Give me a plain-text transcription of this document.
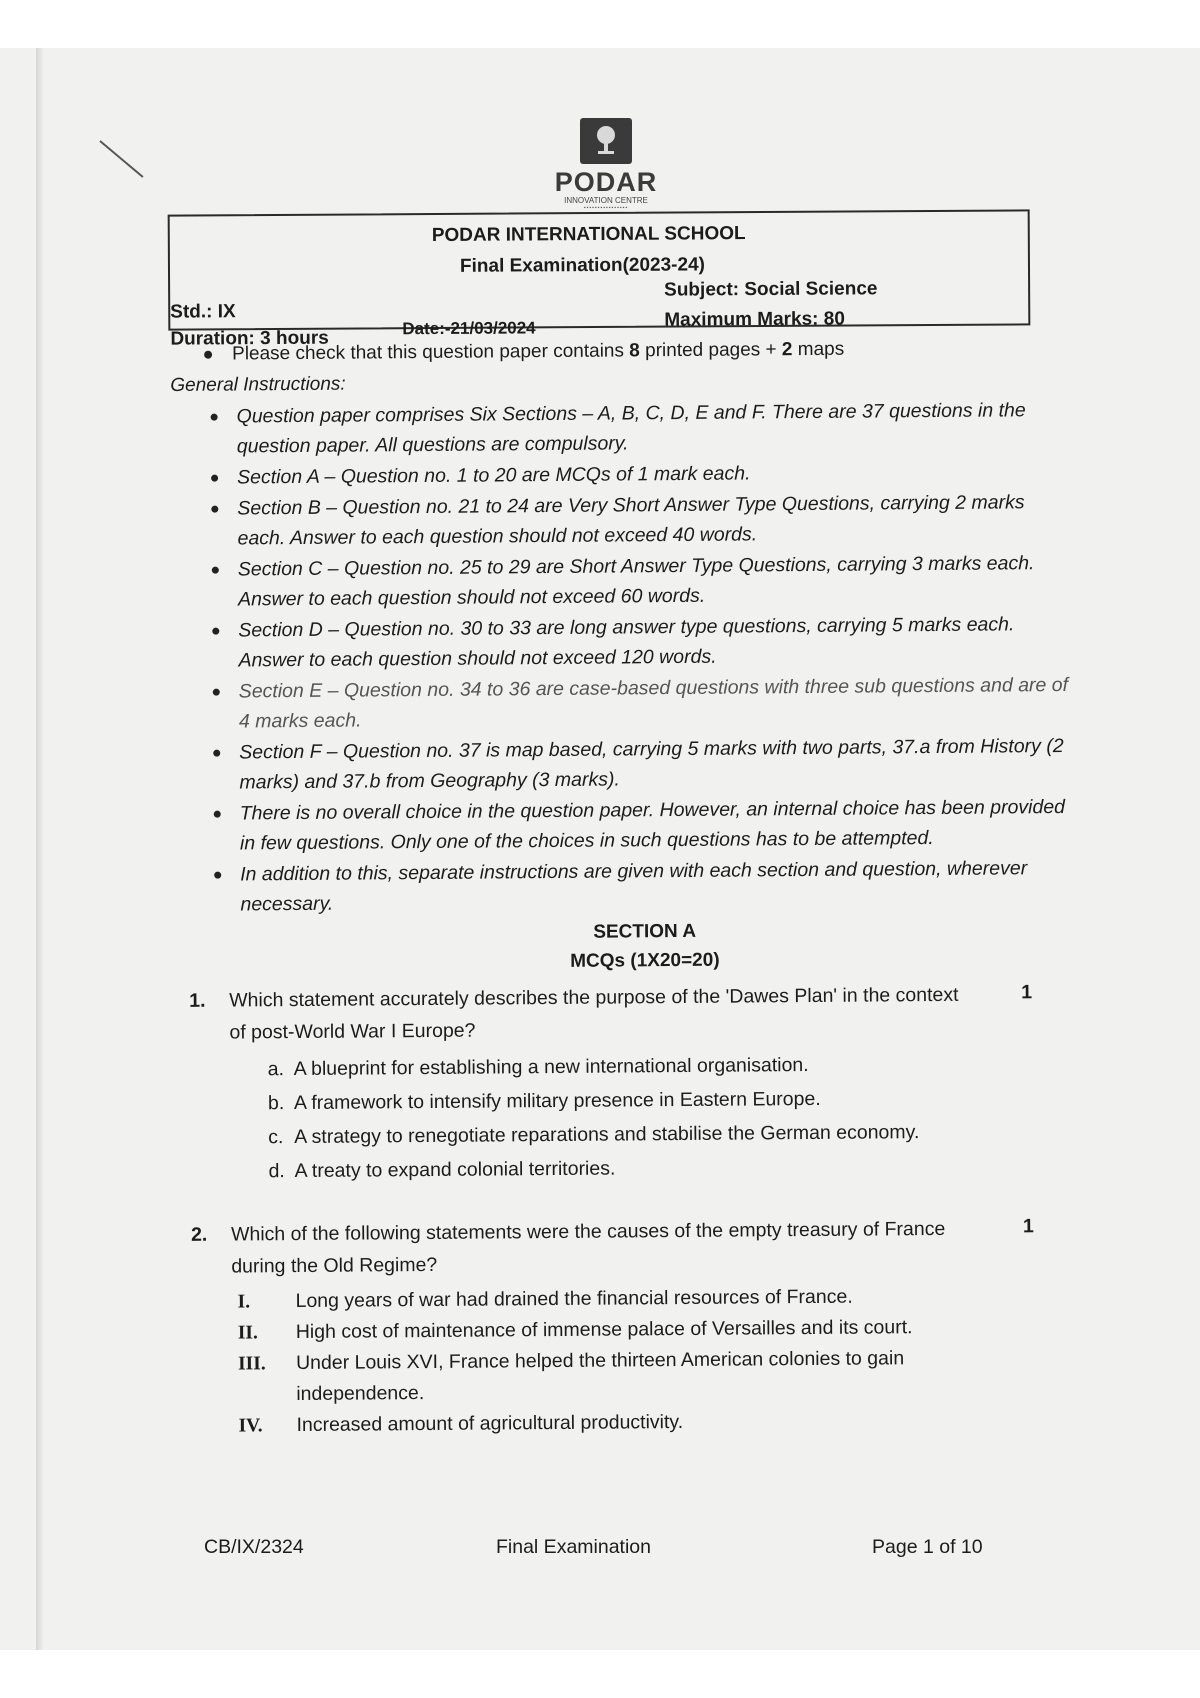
PODAR
INNOVATION CENTRE
▪▪▪▪▪▪▪▪▪▪▪▪▪▪▪▪
PODAR INTERNATIONAL SCHOOL
Final Examination(2023-24)
Subject: Social Science
Std.: IX	Maximum Marks: 80
Date:-21/03/2024
Duration: 3 hours
Please check that this question paper contains 8 printed pages + 2 maps
General Instructions:
Question paper comprises Six Sections – A, B, C, D, E and F. There are 37 questions in the question paper. All questions are compulsory.
Section A – Question no. 1 to 20 are MCQs of 1 mark each.
Section B – Question no. 21 to 24 are Very Short Answer Type Questions, carrying 2 marks each. Answer to each question should not exceed 40 words.
Section C – Question no. 25 to 29 are Short Answer Type Questions, carrying 3 marks each. Answer to each question should not exceed 60 words.
Section D – Question no. 30 to 33 are long answer type questions, carrying 5 marks each. Answer to each question should not exceed 120 words.
Section E – Question no. 34 to 36 are case-based questions with three sub questions and are of 4 marks each.
Section F – Question no. 37 is map based, carrying 5 marks with two parts, 37.a from History (2 marks) and 37.b from Geography (3 marks).
There is no overall choice in the question paper. However, an internal choice has been provided in few questions. Only one of the choices in such questions has to be attempted.
In addition to this, separate instructions are given with each section and question, wherever necessary.
SECTION A
MCQs (1X20=20)
1. Which statement accurately describes the purpose of the 'Dawes Plan' in the context of post-World War I Europe?
1
a. A blueprint for establishing a new international organisation.
b. A framework to intensify military presence in Eastern Europe.
c. A strategy to renegotiate reparations and stabilise the German economy.
d. A treaty to expand colonial territories.
2. Which of the following statements were the causes of the empty treasury of France during the Old Regime?
1
I.	Long years of war had drained the financial resources of France.
II.	High cost of maintenance of immense palace of Versailles and its court.
III.	Under Louis XVI, France helped the thirteen American colonies to gain independence.
IV.	Increased amount of agricultural productivity.
CB/IX/2324	Final Examination	Page 1 of 10
